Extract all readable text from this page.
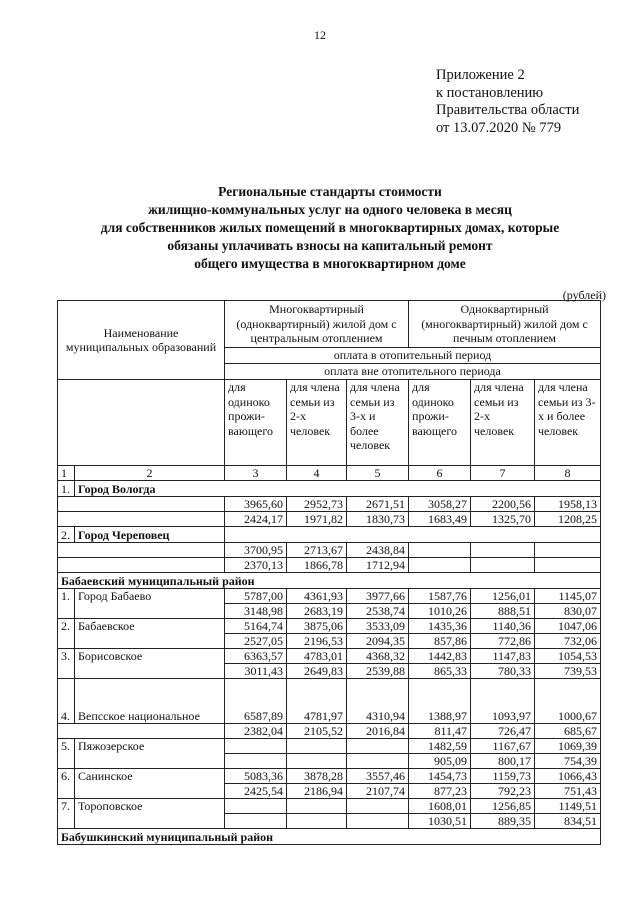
12
Приложение 2
к постановлению
Правительства области
от 13.07.2020 № 779
Региональные стандарты стоимости
жилищно-коммунальных услуг на одного человека в месяц
для собственников жилых помещений в многоквартирных домах, которые
обязаны уплачивать взносы на капитальный ремонт
общего имущества в многоквартирном доме
(рублей)
Наименование муниципальных образований		Многоквартирный (одноквартирный) жилой дом с центральным отоплением			Одноквартирный (многоквартирный) жилой дом с печным отоплением		
		оплата в отопительный период					
		оплата вне отопительного периода					
		для одиноко прожи-вающего	для члена семьи из 2-х человек	для члена семьи из 3-х и более человек	для одиноко прожи-вающего	для члена семьи из 2-х человек	для члена семьи из 3-х и более человек
1	2	3	4	5	6	7	8
1.	Город Вологда						
		3965,60	2952,73	2671,51	3058,27	2200,56	1958,13
		2424,17	1971,82	1830,73	1683,49	1325,70	1208,25
2.	Город Череповец						
		3700,95	2713,67	2438,84			
		2370,13	1866,78	1712,94			
Бабаевский муниципальный район							
1.	Город Бабаево	5787,00	4361,93	3977,66	1587,76	1256,01	1145,07
		3148,98	2683,19	2538,74	1010,26	888,51	830,07
2.	Бабаевское	5164,74	3875,06	3533,09	1435,36	1140,36	1047,06
		2527,05	2196,53	2094,35	857,86	772,86	732,06
3.	Борисовское	6363,57	4783,01	4368,32	1442,83	1147,83	1054,53
		3011,43	2649,83	2539,88	865,33	780,33	739,53
4.	Вепсское национальное	6587,89	4781,97	4310,94	1388,97	1093,97	1000,67
		2382,04	2105,52	2016,84	811,47	726,47	685,67
5.	Пяжозерское				1482,59	1167,67	1069,39
					905,09	800,17	754,39
6.	Санинское	5083,36	3878,28	3557,46	1454,73	1159,73	1066,43
		2425,54	2186,94	2107,74	877,23	792,23	751,43
7.	Тороповское				1608,01	1256,85	1149,51
					1030,51	889,35	834,51
Бабушкинский муниципальный район							
